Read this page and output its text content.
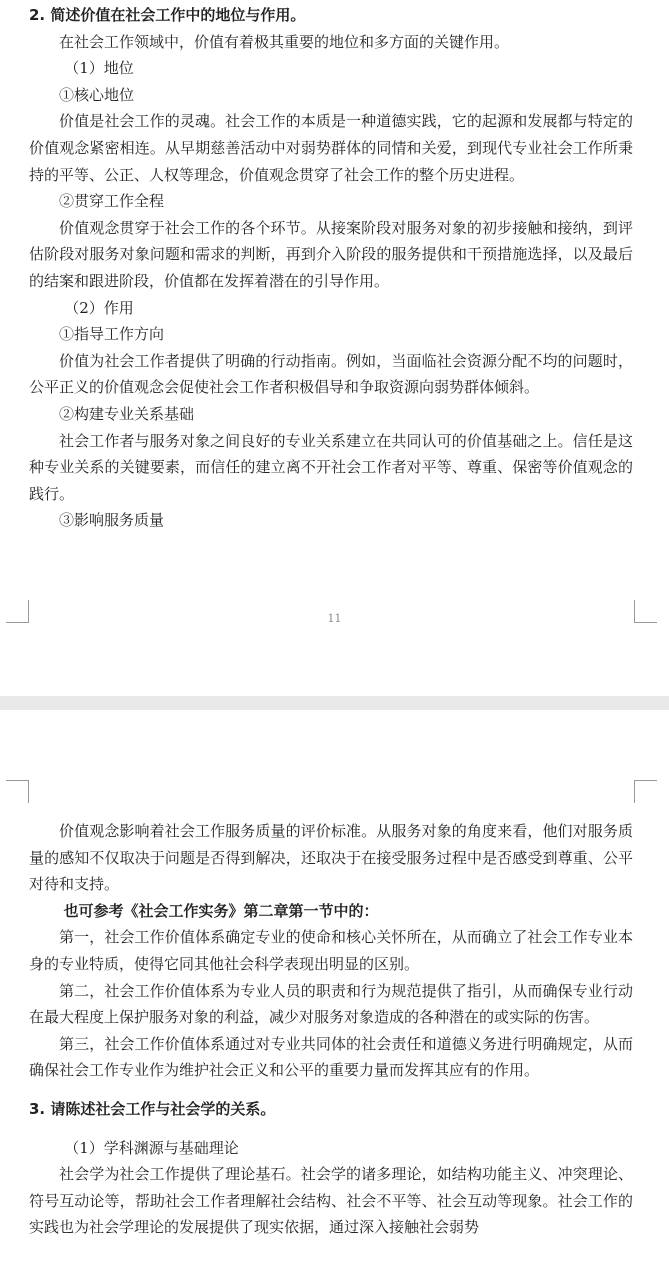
2. 简述价值在社会工作中的地位与作用。

在社会工作领域中，价值有着极其重要的地位和多方面的关键作用。

（1）地位

①核心地位

价值是社会工作的灵魂。社会工作的本质是一种道德实践，它的起源和发展都与特定的价值观念紧密相连。从早期慈善活动中对弱势群体的同情和关爱，到现代专业社会工作所秉持的平等、公正、人权等理念，价值观念贯穿了社会工作的整个历史进程。

②贯穿工作全程

价值观念贯穿于社会工作的各个环节。从接案阶段对服务对象的初步接触和接纳，到评估阶段对服务对象问题和需求的判断，再到介入阶段的服务提供和干预措施选择，以及最后的结案和跟进阶段，价值都在发挥着潜在的引导作用。

（2）作用

①指导工作方向

价值为社会工作者提供了明确的行动指南。例如，当面临社会资源分配不均的问题时，公平正义的价值观念会促使社会工作者积极倡导和争取资源向弱势群体倾斜。

②构建专业关系基础

社会工作者与服务对象之间良好的专业关系建立在共同认可的价值基础之上。信任是这种专业关系的关键要素，而信任的建立离不开社会工作者对平等、尊重、保密等价值观念的践行。

③影响服务质量

11

价值观念影响着社会工作服务质量的评价标准。从服务对象的角度来看，他们对服务质量的感知不仅取决于问题是否得到解决，还取决于在接受服务过程中是否感受到尊重、公平对待和支持。

也可参考《社会工作实务》第二章第一节中的：

第一，社会工作价值体系确定专业的使命和核心关怀所在，从而确立了社会工作专业本身的专业特质，使得它同其他社会科学表现出明显的区别。

第二，社会工作价值体系为专业人员的职责和行为规范提供了指引，从而确保专业行动在最大程度上保护服务对象的利益，减少对服务对象造成的各种潜在的或实际的伤害。

第三，社会工作价值体系通过对专业共同体的社会责任和道德义务进行明确规定，从而确保社会工作专业作为维护社会正义和公平的重要力量而发挥其应有的作用。

3. 请陈述社会工作与社会学的关系。

（1）学科渊源与基础理论

社会学为社会工作提供了理论基石。社会学的诸多理论，如结构功能主义、冲突理论、符号互动论等，帮助社会工作者理解社会结构、社会不平等、社会互动等现象。社会工作的实践也为社会学理论的发展提供了现实依据，通过深入接触社会弱势
